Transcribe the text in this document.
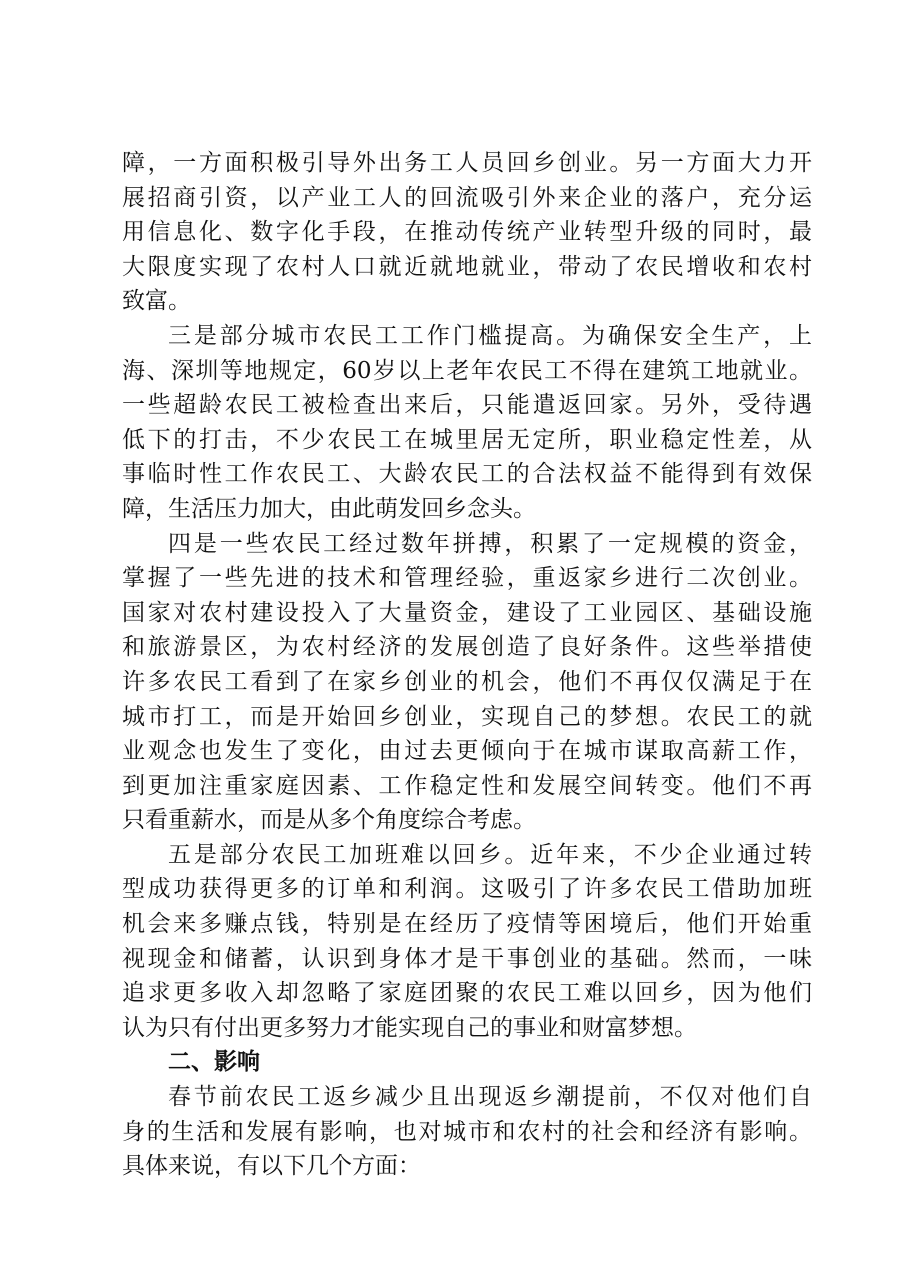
障，一方面积极引导外出务工人员回乡创业。另一方面大力开
展招商引资，以产业工人的回流吸引外来企业的落户，充分运
用信息化、数字化手段，在推动传统产业转型升级的同时，最
大限度实现了农村人口就近就地就业，带动了农民增收和农村
致富。
三是部分城市农民工工作门槛提高。为确保安全生产，上
海、深圳等地规定，60岁以上老年农民工不得在建筑工地就业。
一些超龄农民工被检查出来后，只能遣返回家。另外，受待遇
低下的打击，不少农民工在城里居无定所，职业稳定性差，从
事临时性工作农民工、大龄农民工的合法权益不能得到有效保
障，生活压力加大，由此萌发回乡念头。
四是一些农民工经过数年拼搏，积累了一定规模的资金，
掌握了一些先进的技术和管理经验，重返家乡进行二次创业。
国家对农村建设投入了大量资金，建设了工业园区、基础设施
和旅游景区，为农村经济的发展创造了良好条件。这些举措使
许多农民工看到了在家乡创业的机会，他们不再仅仅满足于在
城市打工，而是开始回乡创业，实现自己的梦想。农民工的就
业观念也发生了变化，由过去更倾向于在城市谋取高薪工作，
到更加注重家庭因素、工作稳定性和发展空间转变。他们不再
只看重薪水，而是从多个角度综合考虑。
五是部分农民工加班难以回乡。近年来，不少企业通过转
型成功获得更多的订单和利润。这吸引了许多农民工借助加班
机会来多赚点钱，特别是在经历了疫情等困境后，他们开始重
视现金和储蓄，认识到身体才是干事创业的基础。然而，一味
追求更多收入却忽略了家庭团聚的农民工难以回乡，因为他们
认为只有付出更多努力才能实现自己的事业和财富梦想。
二、影响
春节前农民工返乡减少且出现返乡潮提前，不仅对他们自
身的生活和发展有影响，也对城市和农村的社会和经济有影响。
具体来说，有以下几个方面：
